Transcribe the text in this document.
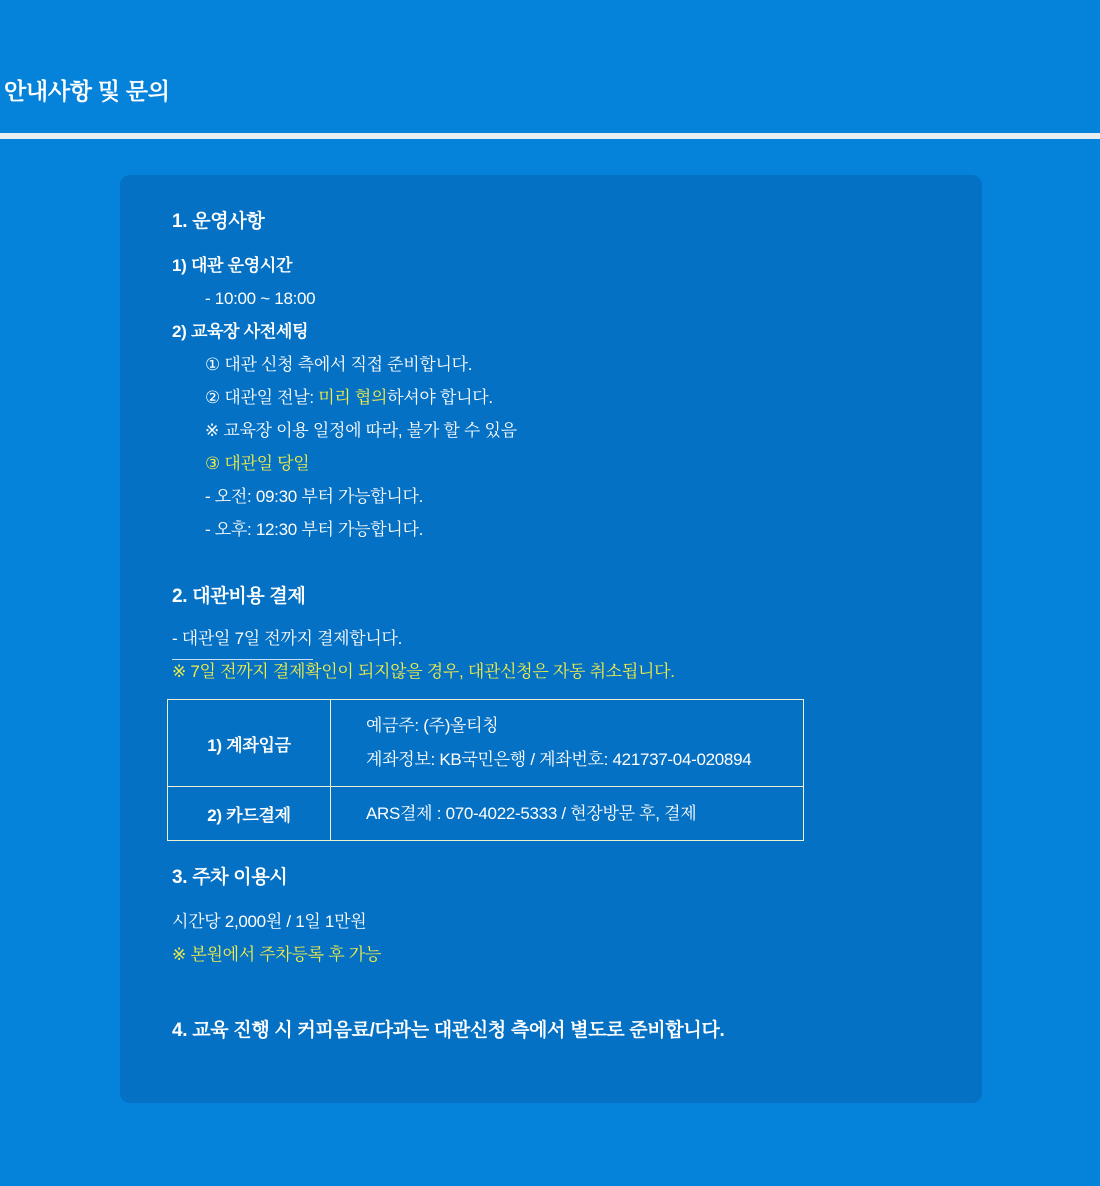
안내사항 및 문의
1. 운영사항
1) 대관 운영시간
- 10:00 ~ 18:00
2) 교육장 사전세팅
① 대관 신청 측에서 직접 준비합니다.
② 대관일 전날: 미리 협의하셔야 합니다.
※ 교육장 이용 일정에 따라, 불가 할 수 있음
③ 대관일 당일
- 오전: 09:30 부터 가능합니다.
- 오후: 12:30 부터 가능합니다.
2. 대관비용 결제
- 대관일 7일 전까지 결제합니다.
※ 7일 전까지 결제확인이 되지않을 경우, 대관신청은 자동 취소됩니다.
1) 계좌입금	예금주: (주)올티칭
계좌정보: KB국민은행 / 계좌번호: 421737-04-020894

2) 카드결제	ARS결제 : 070-4022-5333 / 현장방문 후, 결제
3. 주차 이용시
시간당 2,000원 / 1일 1만원
※ 본원에서 주차등록 후 가능
4. 교육 진행 시 커피음료/다과는 대관신청 측에서 별도로 준비합니다.
